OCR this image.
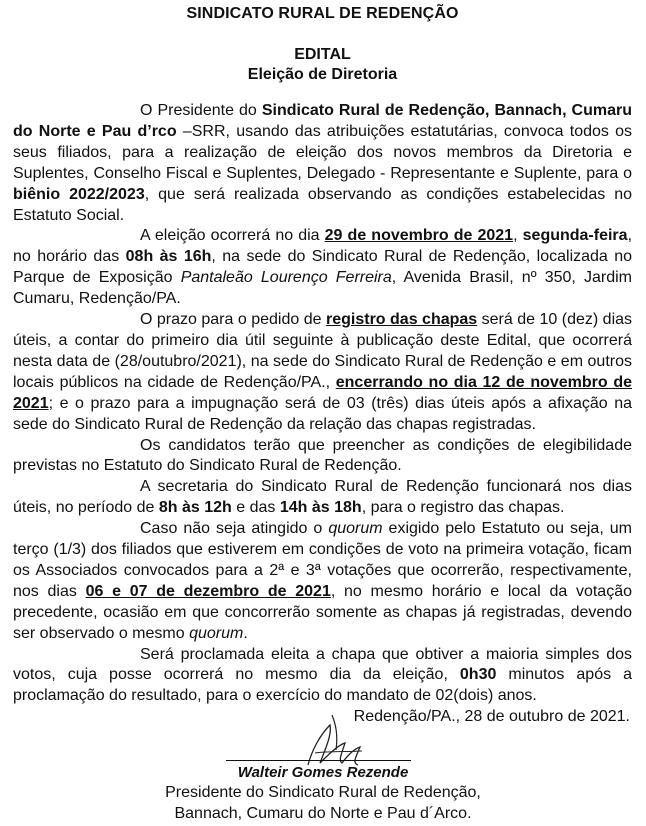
SINDICATO RURAL DE REDENÇÃO
EDITAL
Eleição de Diretoria

O Presidente do Sindicato Rural de Redenção, Bannach, Cumaru do Norte e Pau d’rco –SRR, usando das atribuições estatutárias, convoca todos os seus filiados, para a realização de eleição dos novos membros da Diretoria e Suplentes, Conselho Fiscal e Suplentes, Delegado - Representante e Suplente, para o biênio 2022/2023, que será realizada observando as condições estabelecidas no Estatuto Social.

A eleição ocorrerá no dia 29 de novembro de 2021, segunda-feira, no horário das 08h às 16h, na sede do Sindicato Rural de Redenção, localizada no Parque de Exposição Pantaleão Lourenço Ferreira, Avenida Brasil, nº 350, Jardim Cumaru, Redenção/PA.

O prazo para o pedido de registro das chapas será de 10 (dez) dias úteis, a contar do primeiro dia útil seguinte à publicação deste Edital, que ocorrerá nesta data de (28/outubro/2021), na sede do Sindicato Rural de Redenção e em outros locais públicos na cidade de Redenção/PA., encerrando no dia 12 de novembro de 2021; e o prazo para a impugnação será de 03 (três) dias úteis após a afixação na sede do Sindicato Rural de Redenção da relação das chapas registradas.

Os candidatos terão que preencher as condições de elegibilidade previstas no Estatuto do Sindicato Rural de Redenção.

A secretaria do Sindicato Rural de Redenção funcionará nos dias úteis, no período de 8h às 12h e das 14h às 18h, para o registro das chapas.

Caso não seja atingido o quorum exigido pelo Estatuto ou seja, um terço (1/3) dos filiados que estiverem em condições de voto na primeira votação, ficam os Associados convocados para a 2ª e 3ª votações que ocorrerão, respectivamente, nos dias 06 e 07 de dezembro de 2021, no mesmo horário e local da votação precedente, ocasião em que concorrerão somente as chapas já registradas, devendo ser observado o mesmo quorum.

Será proclamada eleita a chapa que obtiver a maioria simples dos votos, cuja posse ocorrerá no mesmo dia da eleição, 0h30 minutos após a proclamação do resultado, para o exercício do mandato de 02(dois) anos.

Redenção/PA., 28 de outubro de 2021.
Walteir Gomes Rezende
Presidente do Sindicato Rural de Redenção,
Bannach, Cumaru do Norte e Pau d´Arco.
